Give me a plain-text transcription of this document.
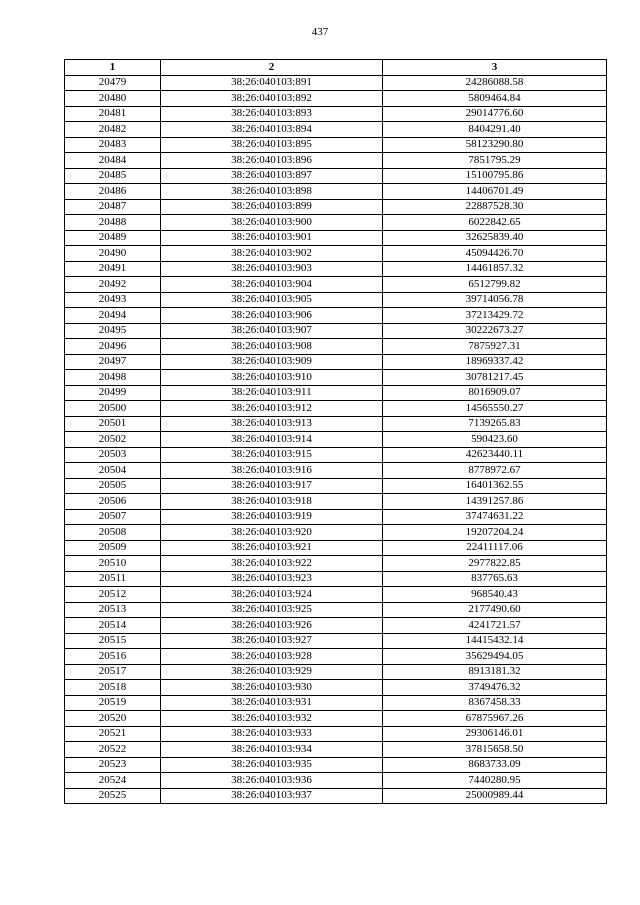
437
1	2	3
20479	38:26:040103:891	24286088.58
20480	38:26:040103:892	5809464.84
20481	38:26:040103:893	29014776.60
20482	38:26:040103:894	8404291.40
20483	38:26:040103:895	58123290.80
20484	38:26:040103:896	7851795.29
20485	38:26:040103:897	15100795.86
20486	38:26:040103:898	14406701.49
20487	38:26:040103:899	22887528.30
20488	38:26:040103:900	6022842.65
20489	38:26:040103:901	32625839.40
20490	38:26:040103:902	45094426.70
20491	38:26:040103:903	14461857.32
20492	38:26:040103:904	6512799.82
20493	38:26:040103:905	39714056.78
20494	38:26:040103:906	37213429.72
20495	38:26:040103:907	30222673.27
20496	38:26:040103:908	7875927.31
20497	38:26:040103:909	18969337.42
20498	38:26:040103:910	30781217.45
20499	38:26:040103:911	8016909.07
20500	38:26:040103:912	14565550.27
20501	38:26:040103:913	7139265.83
20502	38:26:040103:914	590423.60
20503	38:26:040103:915	42623440.11
20504	38:26:040103:916	8778972.67
20505	38:26:040103:917	16401362.55
20506	38:26:040103:918	14391257.86
20507	38:26:040103:919	37474631.22
20508	38:26:040103:920	19207204.24
20509	38:26:040103:921	22411117.06
20510	38:26:040103:922	2977822.85
20511	38:26:040103:923	837765.63
20512	38:26:040103:924	968540.43
20513	38:26:040103:925	2177490.60
20514	38:26:040103:926	4241721.57
20515	38:26:040103:927	14415432.14
20516	38:26:040103:928	35629494.05
20517	38:26:040103:929	8913181.32
20518	38:26:040103:930	3749476.32
20519	38:26:040103:931	8367458.33
20520	38:26:040103:932	67875967.26
20521	38:26:040103:933	29306146.01
20522	38:26:040103:934	37815658.50
20523	38:26:040103:935	8683733.09
20524	38:26:040103:936	7440280.95
20525	38:26:040103:937	25000989.44
